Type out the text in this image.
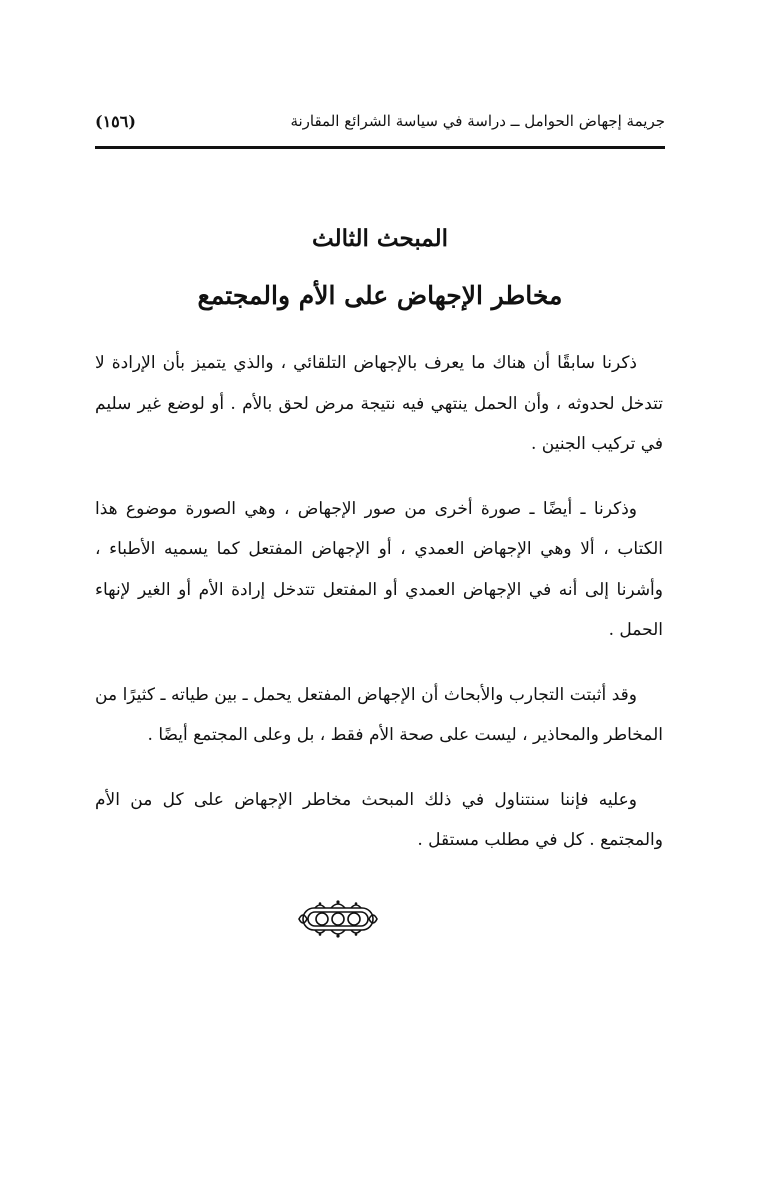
جريمة إجهاض الحوامل ــ دراسة في سياسة الشرائع المقارنة
(١٥٦)
المبحث الثالث
مخاطر الإجهاض على الأم والمجتمع

ذكرنا سابقًا أن هناك ما يعرف بالإجهاض التلقائي ، والذي يتميز بأن الإرادة لا تتدخل لحدوثه ، وأن الحمل ينتهي فيه نتيجة مرض لحق بالأم . أو لوضع غير سليم في تركيب الجنين .

وذكرنا ـ أيضًا ـ صورة أخرى من صور الإجهاض ، وهي الصورة موضوع هذا الكتاب ، ألا وهي الإجهاض العمدي ، أو الإجهاض المفتعل كما يسميه الأطباء ، وأشرنا إلى أنه في الإجهاض العمدي أو المفتعل تتدخل إرادة الأم أو الغير لإنهاء الحمل .

وقد أثبتت التجارب والأبحاث أن الإجهاض المفتعل يحمل ـ بين طياته ـ كثيرًا من المخاطر والمحاذير ، ليست على صحة الأم فقط ، بل وعلى المجتمع أيضًا .

وعليه فإننا سنتناول في ذلك المبحث مخاطر الإجهاض على كل من الأم والمجتمع . كل في مطلب مستقل .
